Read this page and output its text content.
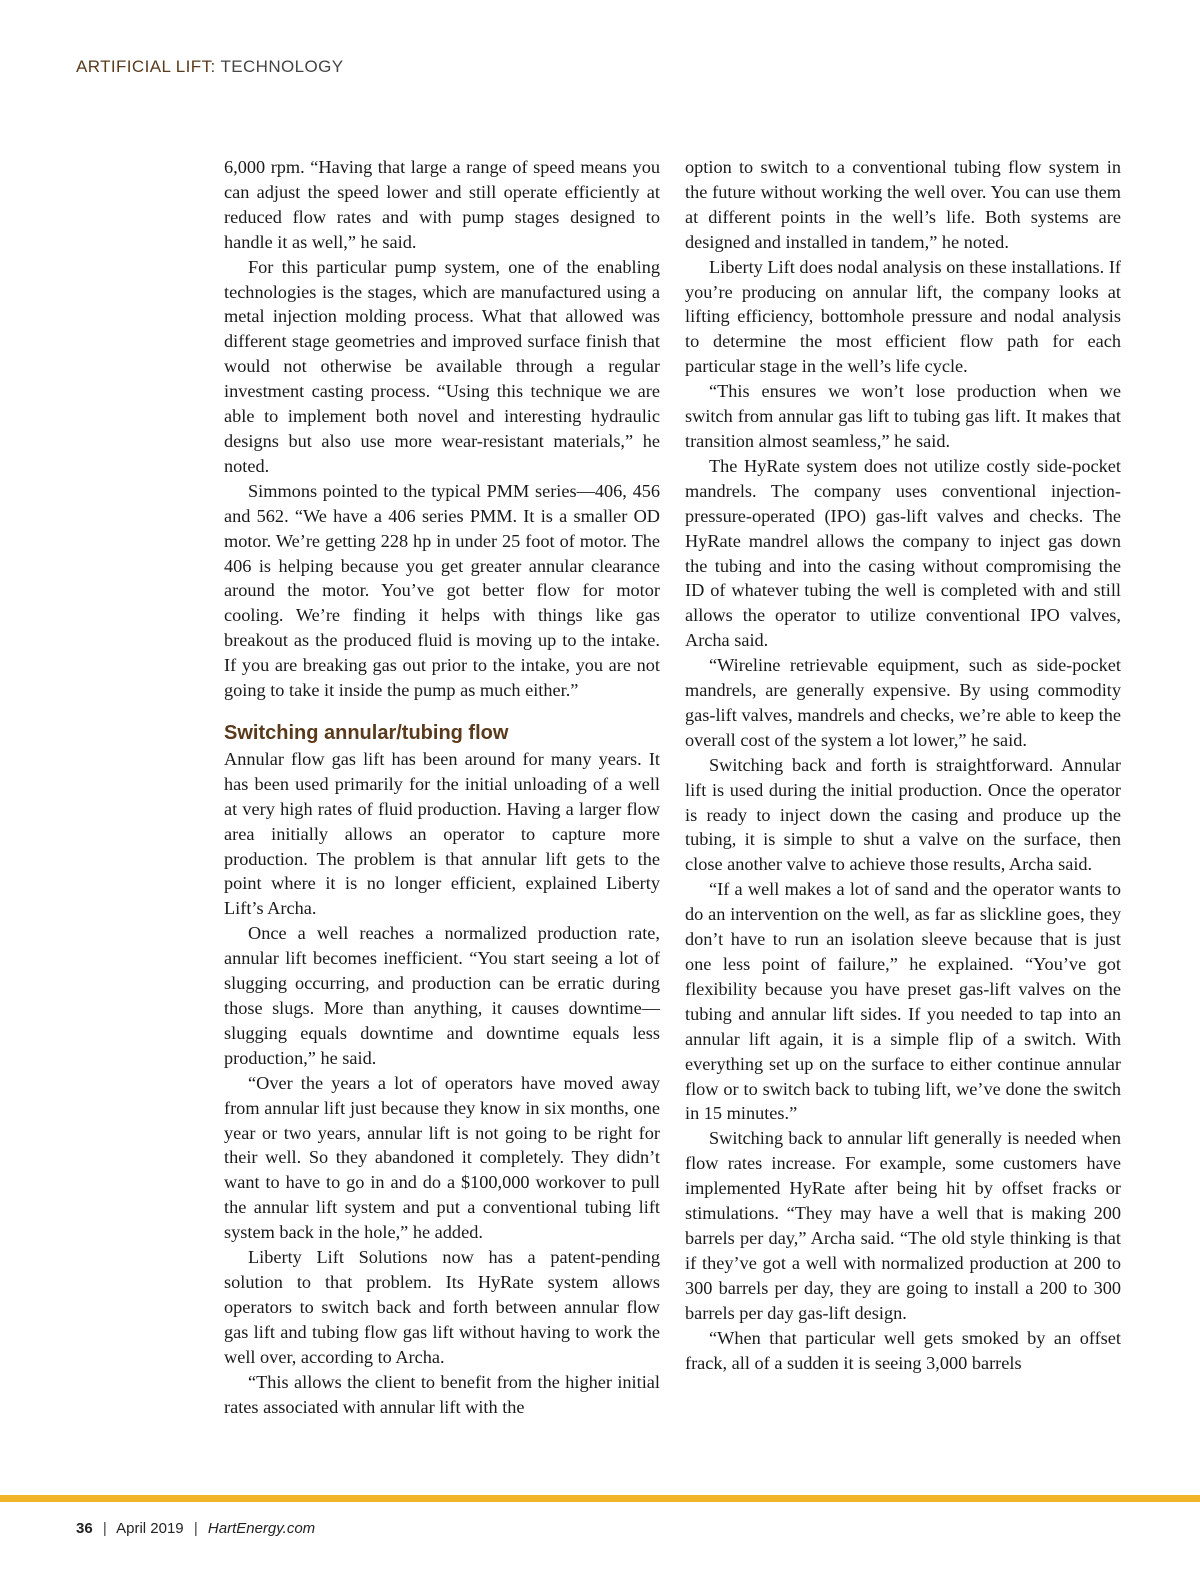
ARTIFICIAL LIFT: TECHNOLOGY

6,000 rpm. “Having that large a range of speed means you can adjust the speed lower and still operate efficiently at reduced flow rates and with pump stages designed to handle it as well,” he said.

For this particular pump system, one of the enabling technologies is the stages, which are manufactured using a metal injection molding process. What that allowed was different stage geometries and improved surface finish that would not otherwise be available through a regular investment casting process. “Using this technique we are able to implement both novel and interesting hydraulic designs but also use more wear-resistant materials,” he noted.

Simmons pointed to the typical PMM series—406, 456 and 562. “We have a 406 series PMM. It is a smaller OD motor. We’re getting 228 hp in under 25 foot of motor. The 406 is helping because you get greater annular clearance around the motor. You’ve got better flow for motor cooling. We’re finding it helps with things like gas breakout as the produced fluid is moving up to the intake. If you are breaking gas out prior to the intake, you are not going to take it inside the pump as much either.”

Switching annular/tubing flow

Annular flow gas lift has been around for many years. It has been used primarily for the initial unloading of a well at very high rates of fluid production. Having a larger flow area initially allows an operator to capture more production. The problem is that annular lift gets to the point where it is no longer efficient, explained Liberty Lift’s Archa.

Once a well reaches a normalized production rate, annular lift becomes inefficient. “You start seeing a lot of slugging occurring, and production can be erratic during those slugs. More than anything, it causes downtime—slugging equals downtime and downtime equals less production,” he said.

“Over the years a lot of operators have moved away from annular lift just because they know in six months, one year or two years, annular lift is not going to be right for their well. So they abandoned it completely. They didn’t want to have to go in and do a $100,000 workover to pull the annular lift system and put a conventional tubing lift system back in the hole,” he added.

Liberty Lift Solutions now has a patent-pending solution to that problem. Its HyRate system allows operators to switch back and forth between annular flow gas lift and tubing flow gas lift without having to work the well over, according to Archa.

“This allows the client to benefit from the higher initial rates associated with annular lift with the

option to switch to a conventional tubing flow system in the future without working the well over. You can use them at different points in the well’s life. Both systems are designed and installed in tandem,” he noted.

Liberty Lift does nodal analysis on these installations. If you’re producing on annular lift, the company looks at lifting efficiency, bottomhole pressure and nodal analysis to determine the most efficient flow path for each particular stage in the well’s life cycle.

“This ensures we won’t lose production when we switch from annular gas lift to tubing gas lift. It makes that transition almost seamless,” he said.

The HyRate system does not utilize costly side-pocket mandrels. The company uses conventional injection-pressure-operated (IPO) gas-lift valves and checks. The HyRate mandrel allows the company to inject gas down the tubing and into the casing without compromising the ID of whatever tubing the well is completed with and still allows the operator to utilize conventional IPO valves, Archa said.

“Wireline retrievable equipment, such as side-pocket mandrels, are generally expensive. By using commodity gas-lift valves, mandrels and checks, we’re able to keep the overall cost of the system a lot lower,” he said.

Switching back and forth is straightforward. Annular lift is used during the initial production. Once the operator is ready to inject down the casing and produce up the tubing, it is simple to shut a valve on the surface, then close another valve to achieve those results, Archa said.

“If a well makes a lot of sand and the operator wants to do an intervention on the well, as far as slickline goes, they don’t have to run an isolation sleeve because that is just one less point of failure,” he explained. “You’ve got flexibility because you have preset gas-lift valves on the tubing and annular lift sides. If you needed to tap into an annular lift again, it is a simple flip of a switch. With everything set up on the surface to either continue annular flow or to switch back to tubing lift, we’ve done the switch in 15 minutes.”

Switching back to annular lift generally is needed when flow rates increase. For example, some customers have implemented HyRate after being hit by offset fracks or stimulations. “They may have a well that is making 200 barrels per day,” Archa said. “The old style thinking is that if they’ve got a well with normalized production at 200 to 300 barrels per day, they are going to install a 200 to 300 barrels per day gas-lift design.

“When that particular well gets smoked by an offset frack, all of a sudden it is seeing 3,000 barrels

36 | April 2019 | HartEnergy.com
